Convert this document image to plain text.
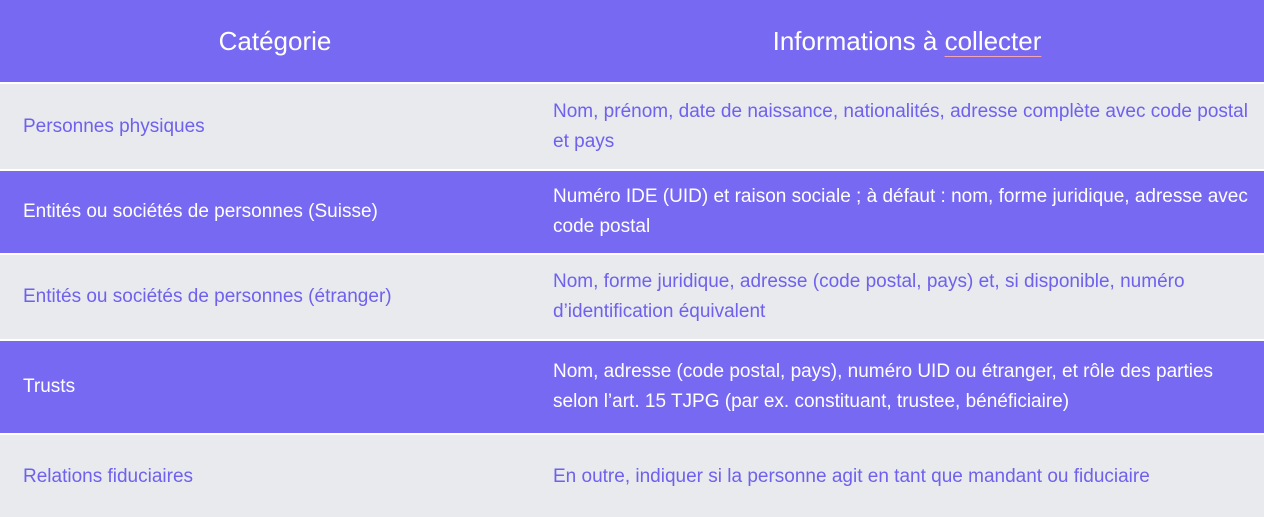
Catégorie	Informations à collecter
Personnes physiques
Nom, prénom, date de naissance, nationalités, adresse complète avec code postal et pays
Entités ou sociétés de personnes (Suisse)
Numéro IDE (UID) et raison sociale ; à défaut : nom, forme juridique, adresse avec code postal
Entités ou sociétés de personnes (étranger)
Nom, forme juridique, adresse (code postal, pays) et, si disponible, numéro d’identification équivalent
Trusts
Nom, adresse (code postal, pays), numéro UID ou étranger, et rôle des parties selon l’art. 15 TJPG (par ex. constituant, trustee, bénéficiaire)
Relations fiduciaires	En outre, indiquer si la personne agit en tant que mandant ou fiduciaire
